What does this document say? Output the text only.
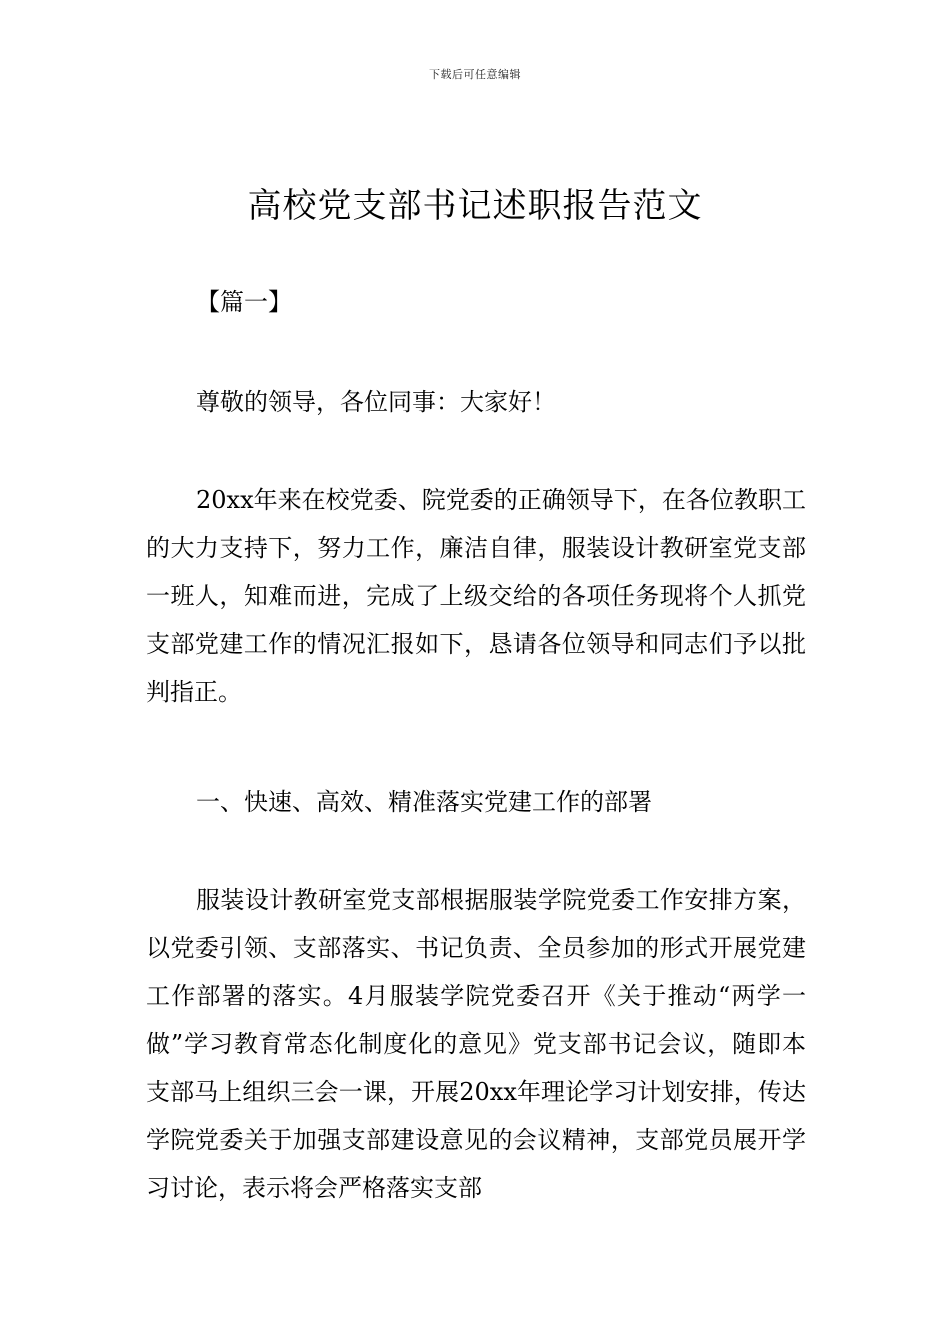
下载后可任意编辑
高校党支部书记述职报告范文
【篇一】
尊敬的领导，各位同事：大家好！
20xx年来在校党委、院党委的正确领导下，在各位教职工的大力支持下，努力工作，廉洁自律，服装设计教研室党支部一班人，知难而进，完成了上级交给的各项任务现将个人抓党支部党建工作的情况汇报如下，恳请各位领导和同志们予以批判指正。
一、快速、高效、精准落实党建工作的部署
服装设计教研室党支部根据服装学院党委工作安排方案，以党委引领、支部落实、书记负责、全员参加的形式开展党建工作部署的落实。4月服装学院党委召开《关于推动“两学一做”学习教育常态化制度化的意见》党支部书记会议，随即本支部马上组织三会一课，开展20xx年理论学习计划安排，传达学院党委关于加强支部建设意见的会议精神，支部党员展开学习讨论，表示将会严格落实支部
